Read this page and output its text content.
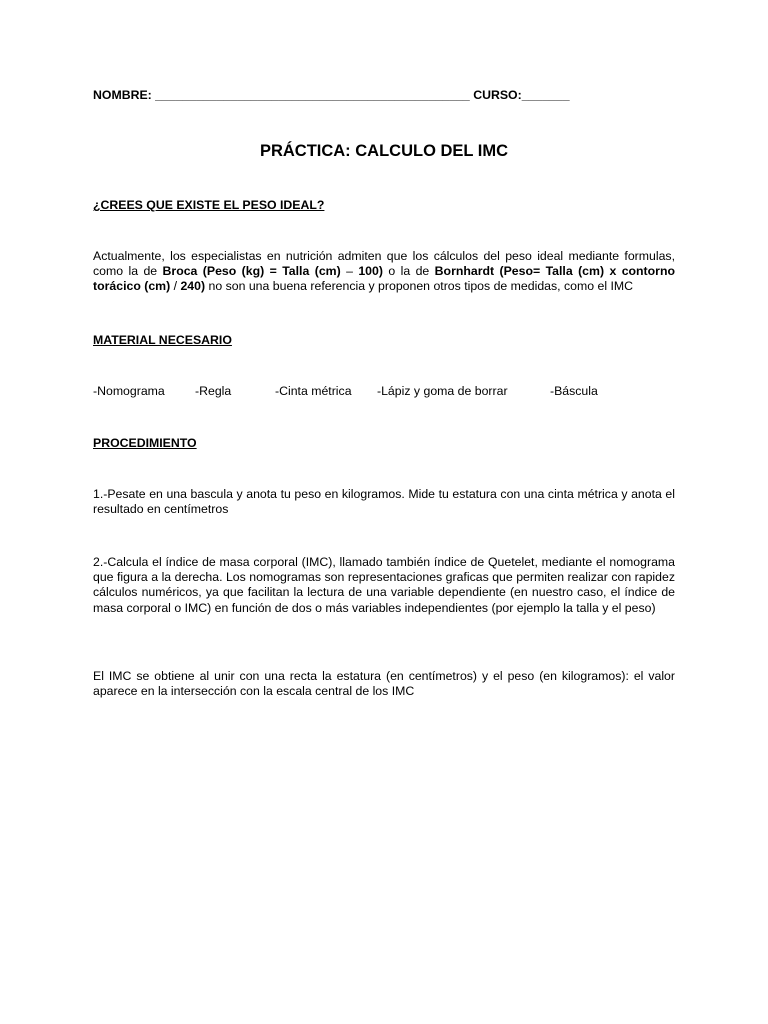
NOMBRE: ______________________________________________ CURSO:_______
PRÁCTICA: CALCULO DEL IMC
¿CREES QUE EXISTE EL PESO IDEAL?
Actualmente, los especialistas en nutrición admiten que los cálculos del peso ideal mediante formulas, como la de Broca (Peso (kg) = Talla (cm) – 100) o la de Bornhardt (Peso= Talla (cm) x contorno torácico (cm) / 240) no son una buena referencia y proponen otros tipos de medidas, como el IMC
MATERIAL NECESARIO
-Nomograma -Regla	-Cinta métrica -Lápiz y goma de borrar	-Báscula
PROCEDIMIENTO
1.-Pesate en una bascula y anota tu peso en kilogramos. Mide tu estatura con una cinta métrica y anota el resultado en centímetros
2.-Calcula el índice de masa corporal (IMC), llamado también índice de Quetelet, mediante el nomograma que figura a la derecha. Los nomogramas son representaciones graficas que permiten realizar con rapidez cálculos numéricos, ya que facilitan la lectura de una variable dependiente (en nuestro caso, el índice de masa corporal o IMC) en función de dos o más variables independientes (por ejemplo la talla y el peso)
El IMC se obtiene al unir con una recta la estatura (en centímetros) y el peso (en kilogramos): el valor aparece en la intersección con la escala central de los IMC
